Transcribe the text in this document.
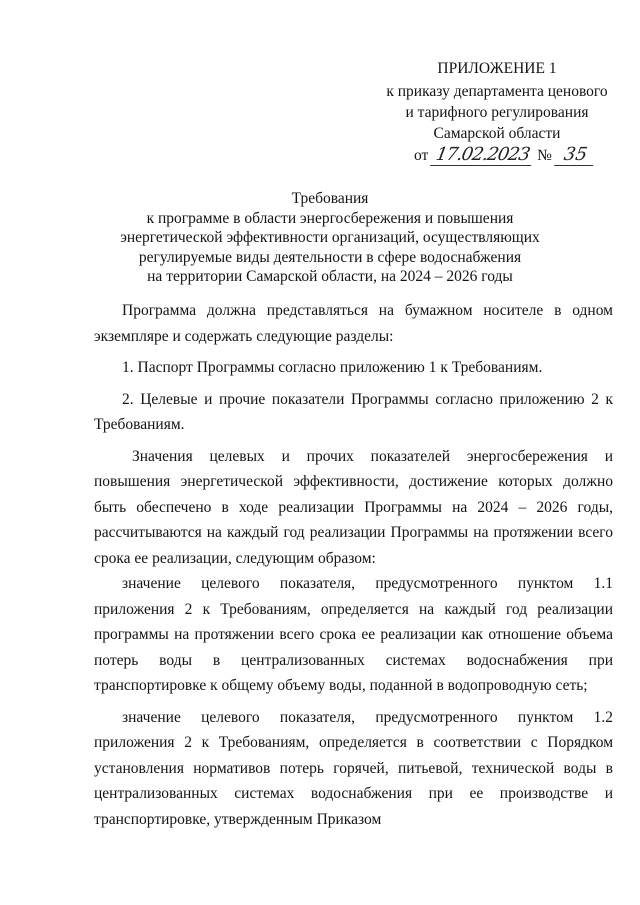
ПРИЛОЖЕНИЕ 1
к приказу департамента ценового
и тарифного регулирования
Самарской области
от 17.02.2023 № 35
Требования
к программе в области энергосбережения и повышения
энергетической эффективности организаций, осуществляющих
регулируемые виды деятельности в сфере водоснабжения
на территории Самарской области, на 2024 – 2026 годы

Программа должна представляться на бумажном носителе в одном экземпляре и содержать следующие разделы:

1. Паспорт Программы согласно приложению 1 к Требованиям.

2. Целевые и прочие показатели Программы согласно приложению 2 к Требованиям.

Значения целевых и прочих показателей энергосбережения и повышения энергетической эффективности, достижение которых должно быть обеспечено в ходе реализации Программы на 2024 – 2026 годы, рассчитываются на каждый год реализации Программы на протяжении всего срока ее реализации, следующим образом:

значение целевого показателя, предусмотренного пунктом 1.1 приложения 2 к Требованиям, определяется на каждый год реализации программы на протяжении всего срока ее реализации как отношение объема потерь воды в централизованных системах водоснабжения при транспортировке к общему объему воды, поданной в водопроводную сеть;

значение целевого показателя, предусмотренного пунктом 1.2 приложения 2 к Требованиям, определяется в соответствии с Порядком установления нормативов потерь горячей, питьевой, технической воды в централизованных системах водоснабжения при ее производстве и транспортировке, утвержденным Приказом
